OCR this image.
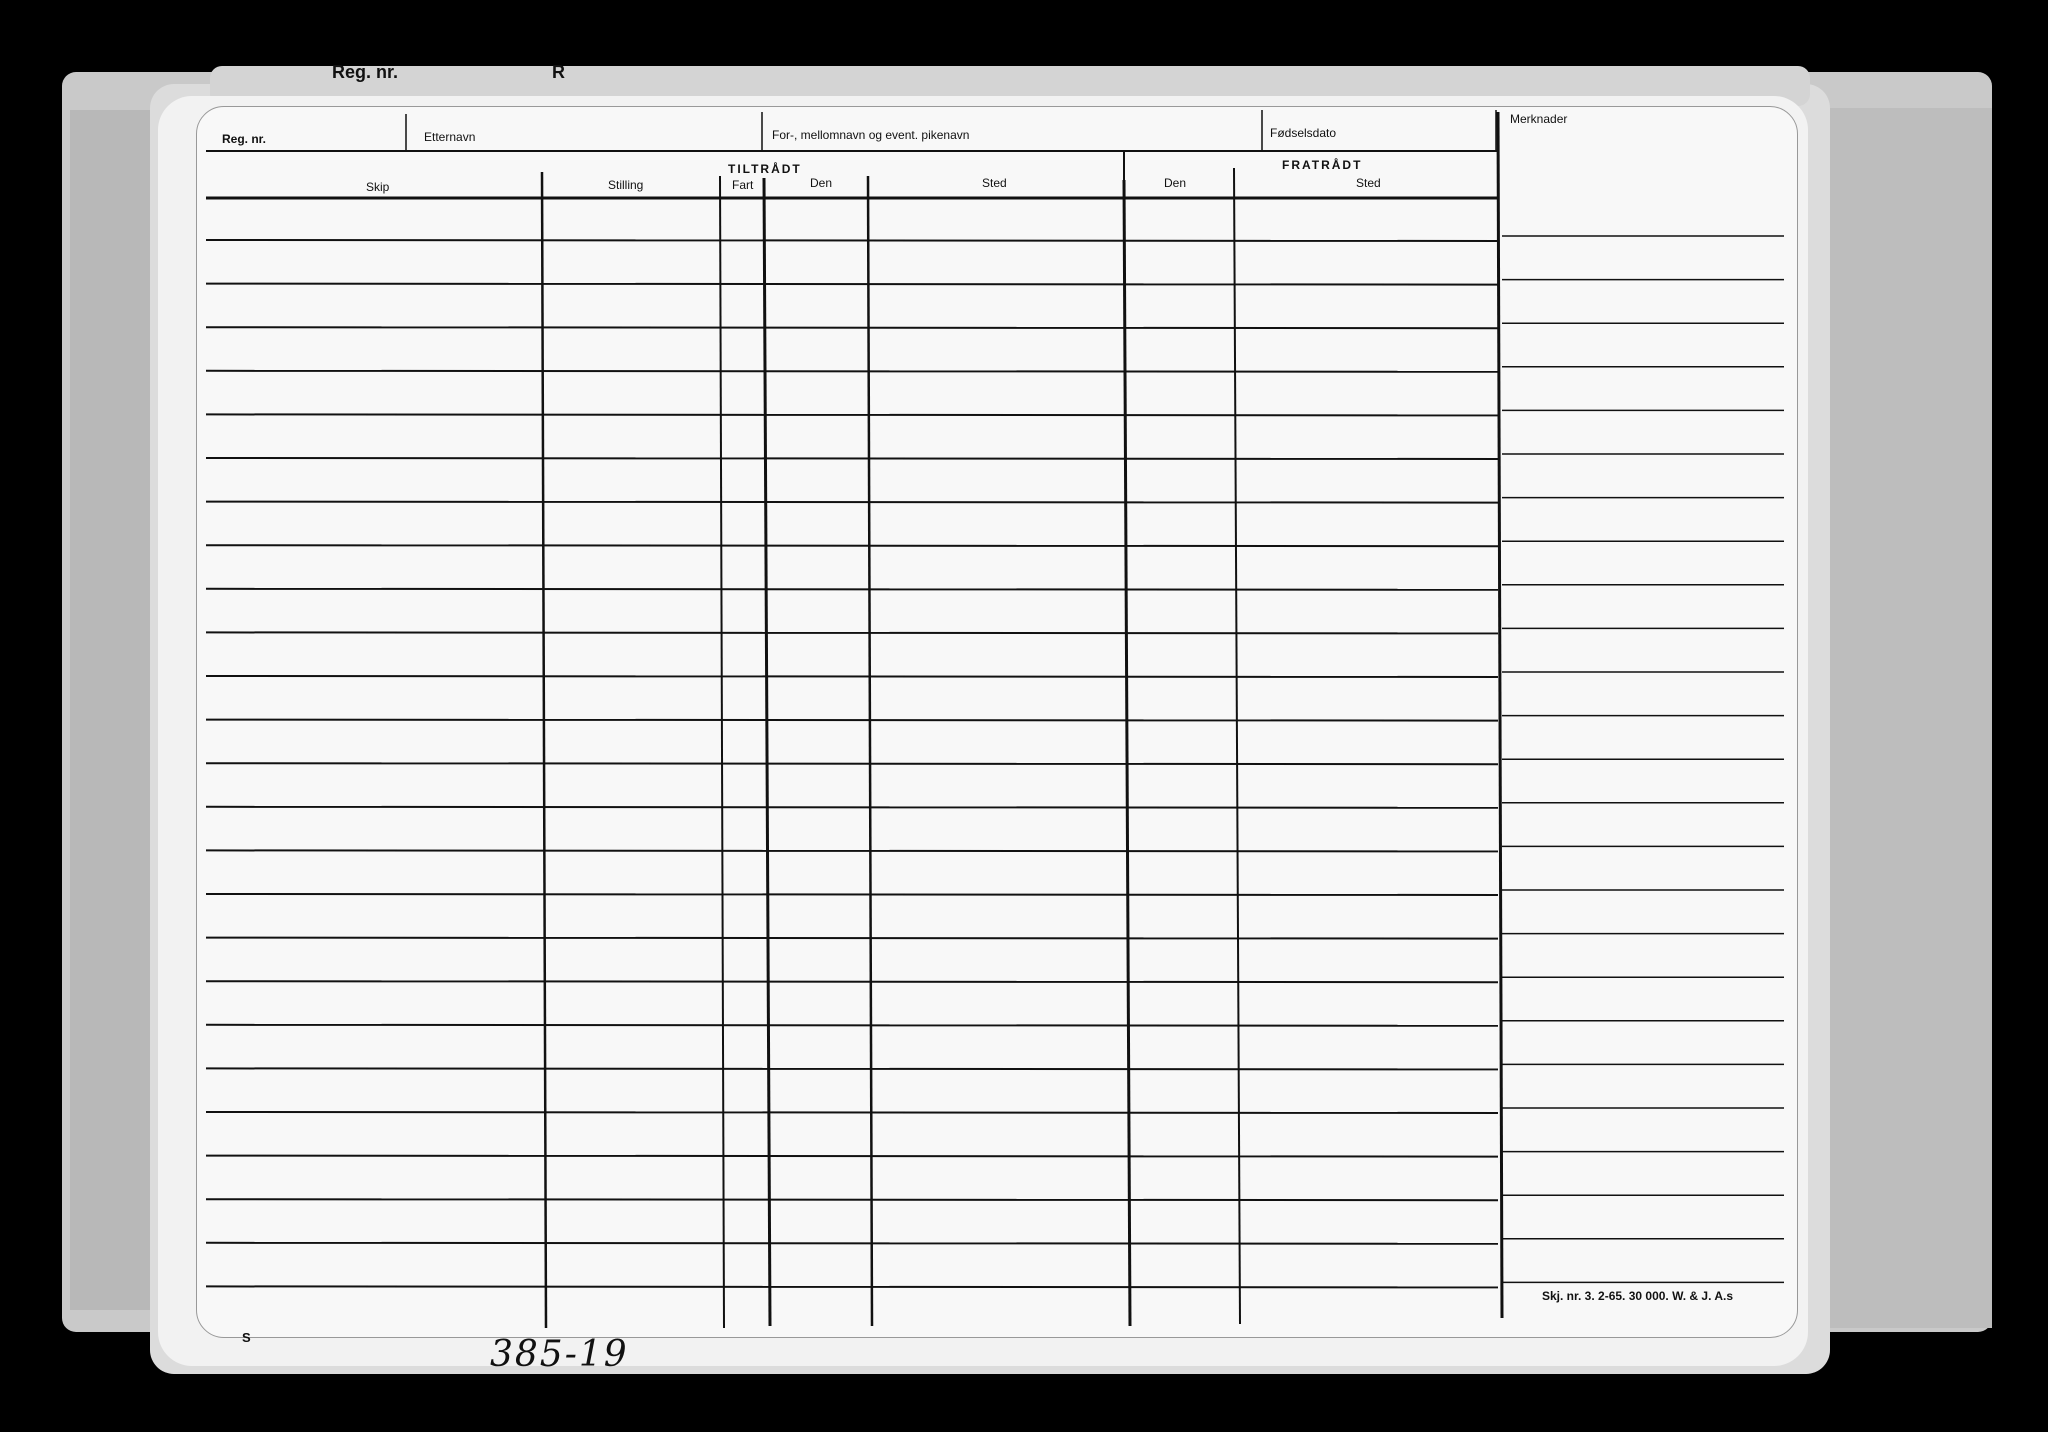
Reg. nr.	R
Reg. nr.	Etternavn	For-, mellomnavn og event. pikenavn	Fødselsdato
Merknader
TILTRÅDT	FRATRÅDT
Skip	Stilling	Fart	Den	Sted	Den	Sted
Skj. nr. 3. 2-65. 30 000. W. & J. A.s
385-19
S
